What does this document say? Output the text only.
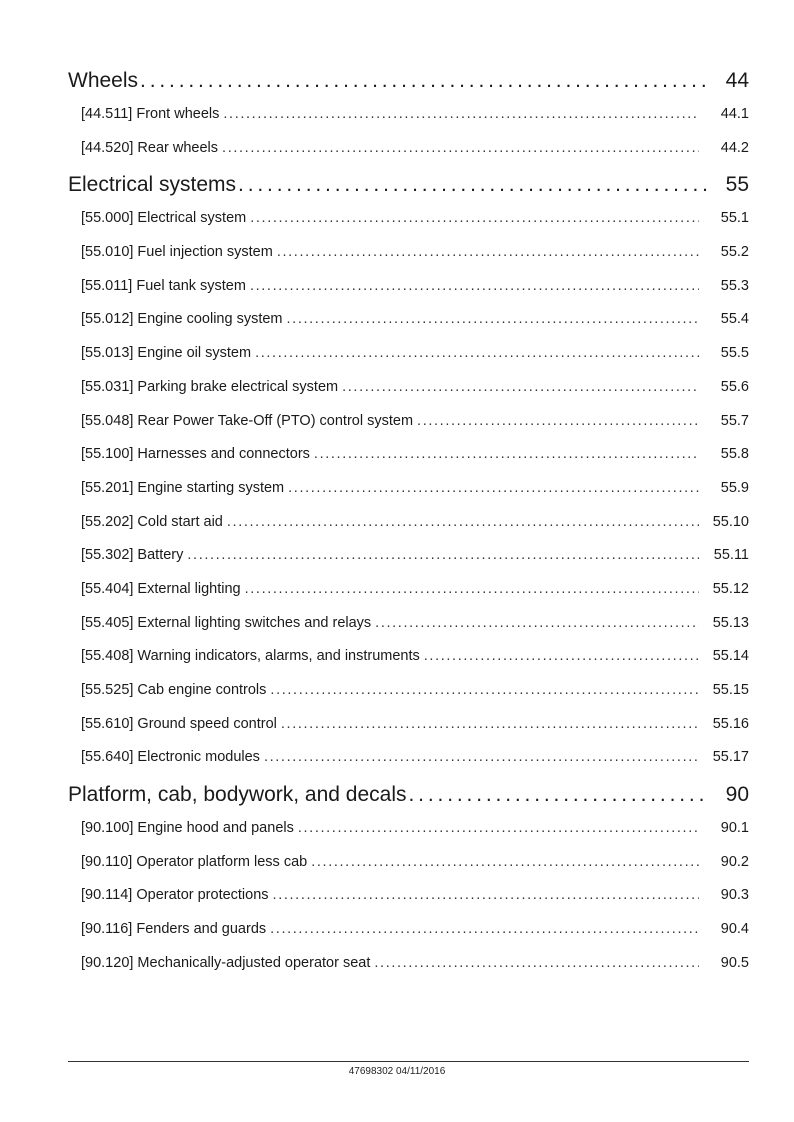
Wheels . . .	44
[44.511] Front wheels . . .	44.1
[44.520] Rear wheels . . .	44.2
Electrical systems . . .	55
[55.000] Electrical system . . .	55.1
[55.010] Fuel injection system . . .	55.2
[55.011] Fuel tank system . . .	55.3
[55.012] Engine cooling system . . .	55.4
[55.013] Engine oil system . . .	55.5
[55.031] Parking brake electrical system . . .	55.6
[55.048] Rear Power Take-Off (PTO) control system . . .	55.7
[55.100] Harnesses and connectors . . .	55.8
[55.201] Engine starting system . . .	55.9
[55.202] Cold start aid . . .	55.10
[55.302] Battery . . .	55.11
[55.404] External lighting . . .	55.12
[55.405] External lighting switches and relays . . .	55.13
[55.408] Warning indicators, alarms, and instruments . . .	55.14
[55.525] Cab engine controls . . .	55.15
[55.610] Ground speed control . . .	55.16
[55.640] Electronic modules . . .	55.17
Platform, cab, bodywork, and decals . . .	90
[90.100] Engine hood and panels . . .	90.1
[90.110] Operator platform less cab . . .	90.2
[90.114] Operator protections . . .	90.3
[90.116] Fenders and guards . . .	90.4
[90.120] Mechanically-adjusted operator seat . . .	90.5
47698302 04/11/2016
